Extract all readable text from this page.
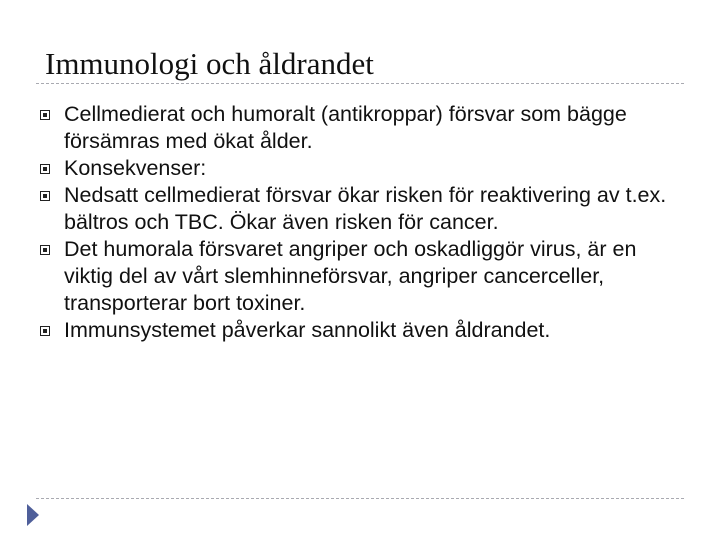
Immunologi och åldrandet
Cellmedierat och humoralt (antikroppar) försvar som bägge försämras med ökat ålder.
Konsekvenser:
Nedsatt cellmedierat försvar ökar risken för reaktivering av t.ex. bältros och TBC. Ökar även risken för cancer.
Det humorala försvaret angriper och oskadliggör virus, är en viktig del av vårt slemhinneförsvar, angriper cancerceller, transporterar bort toxiner.
Immunsystemet påverkar sannolikt även åldrandet.
